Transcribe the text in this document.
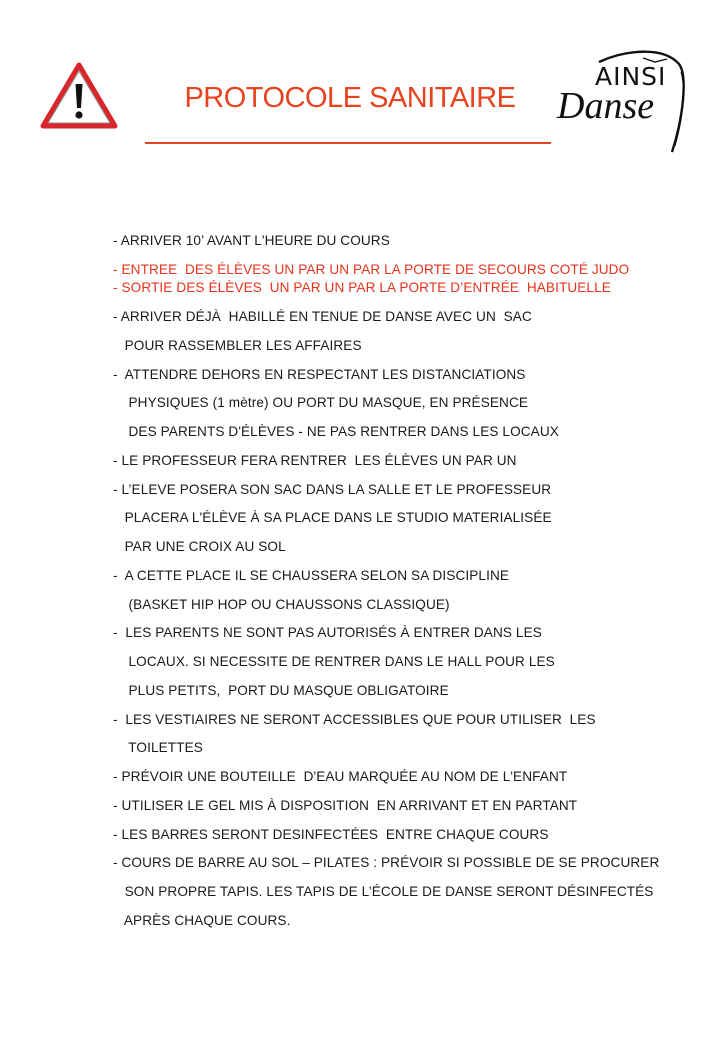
PROTOCOLE SANITAIRE
AINSI
Danse
- ARRIVER 10’ AVANT L'HEURE DU COURS
- ENTREE  DES ÉLÈVES UN PAR UN PAR LA PORTE DE SECOURS COTÉ JUDO
- SORTIE DES ÉLÈVES  UN PAR UN PAR LA PORTE D’ENTRÉE  HABITUELLE
- ARRIVER DÉJÀ  HABILLÉ EN TENUE DE DANSE AVEC UN  SAC
POUR RASSEMBLER LES AFFAIRES
-  ATTENDRE DEHORS EN RESPECTANT LES DISTANCIATIONS
PHYSIQUES (1 mètre) OU PORT DU MASQUE, EN PRÉSENCE
DES PARENTS D'ÉLÈVES - NE PAS RENTRER DANS LES LOCAUX
- LE PROFESSEUR FERA RENTRER  LES ÉLÈVES UN PAR UN
- L’ELEVE POSERA SON SAC DANS LA SALLE ET LE PROFESSEUR
PLACERA L'ÉLÈVE À SA PLACE DANS LE STUDIO MATERIALISÉE
PAR UNE CROIX AU SOL
-  A CETTE PLACE IL SE CHAUSSERA SELON SA DISCIPLINE
(BASKET HIP HOP OU CHAUSSONS CLASSIQUE)
-  LES PARENTS NE SONT PAS AUTORISÉS À ENTRER DANS LES
LOCAUX. SI NECESSITE DE RENTRER DANS LE HALL POUR LES
PLUS PETITS,  PORT DU MASQUE OBLIGATOIRE
-  LES VESTIAIRES NE SERONT ACCESSIBLES QUE POUR UTILISER  LES
TOILETTES
- PRÉVOIR UNE BOUTEILLE  D'EAU MARQUÉE AU NOM DE L'ENFANT
- UTILISER LE GEL MIS À DISPOSITION  EN ARRIVANT ET EN PARTANT
- LES BARRES SERONT DESINFECTÉES  ENTRE CHAQUE COURS
- COURS DE BARRE AU SOL – PILATES : PRÉVOIR SI POSSIBLE DE SE PROCURER
SON PROPRE TAPIS. LES TAPIS DE L’ÉCOLE DE DANSE SERONT DÉSINFECTÉS
APRÈS CHAQUE COURS.
